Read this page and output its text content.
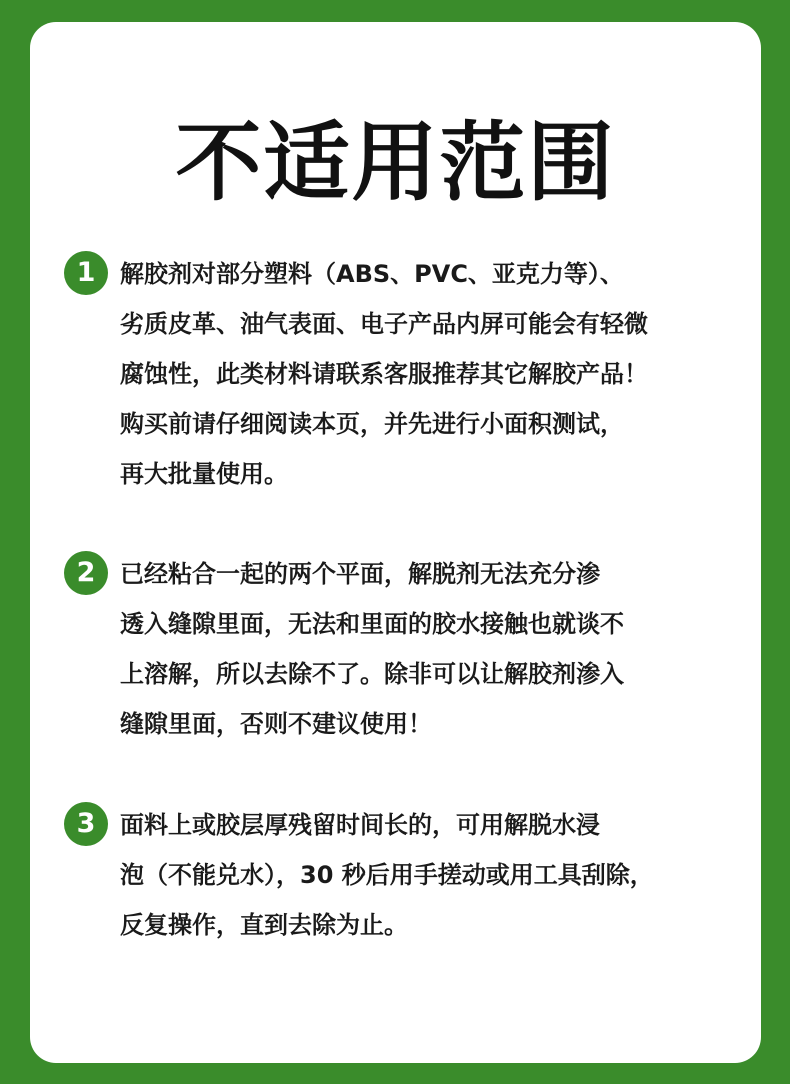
不适用范围
1	解胶剂对部分塑料（ABS、PVC、亚克力等）、
劣质皮革、油气表面、电子产品内屏可能会有轻微
腐蚀性，此类材料请联系客服推荐其它解胶产品！
购买前请仔细阅读本页，并先进行小面积测试，
再大批量使用。
2	已经粘合一起的两个平面，解脱剂无法充分渗
透入缝隙里面，无法和里面的胶水接触也就谈不
上溶解，所以去除不了。除非可以让解胶剂渗入
缝隙里面，否则不建议使用！
3	面料上或胶层厚残留时间长的，可用解脱水浸
泡（不能兑水），30 秒后用手搓动或用工具刮除，
反复操作，直到去除为止。
